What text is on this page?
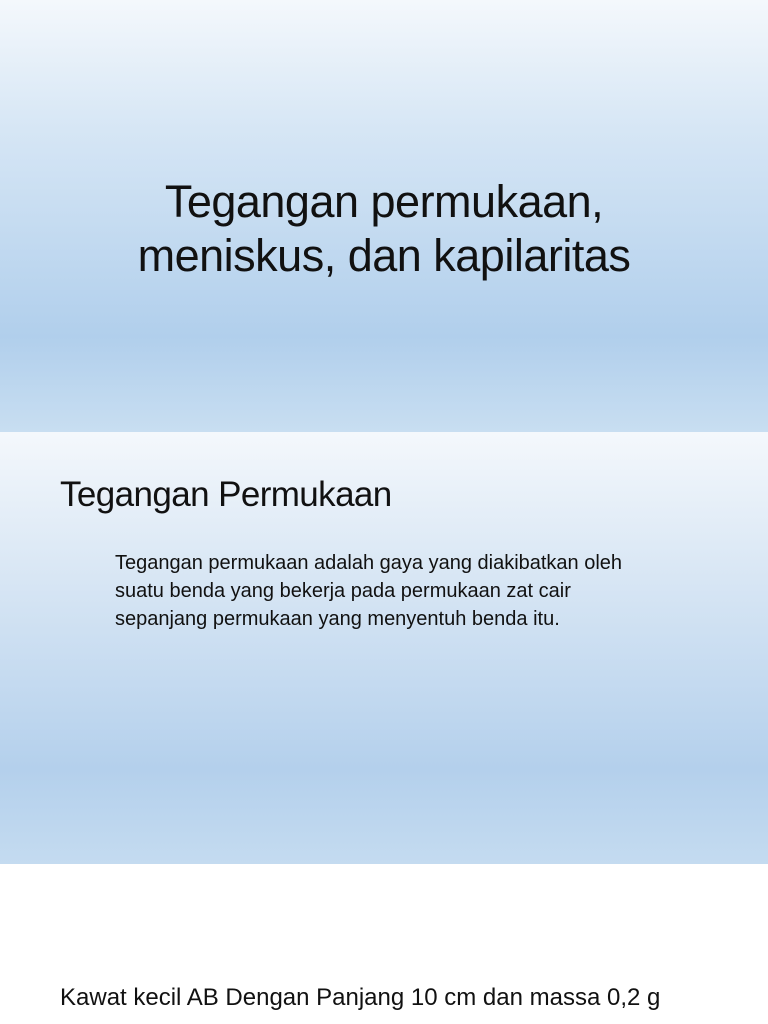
Tegangan permukaan,
meniskus, dan kapilaritas
Tegangan Permukaan
Tegangan permukaan adalah gaya yang diakibatkan oleh suatu benda yang bekerja pada permukaan zat cair sepanjang permukaan yang menyentuh benda itu.
Kawat kecil AB Dengan Panjang 10 cm dan massa 0,2 g
